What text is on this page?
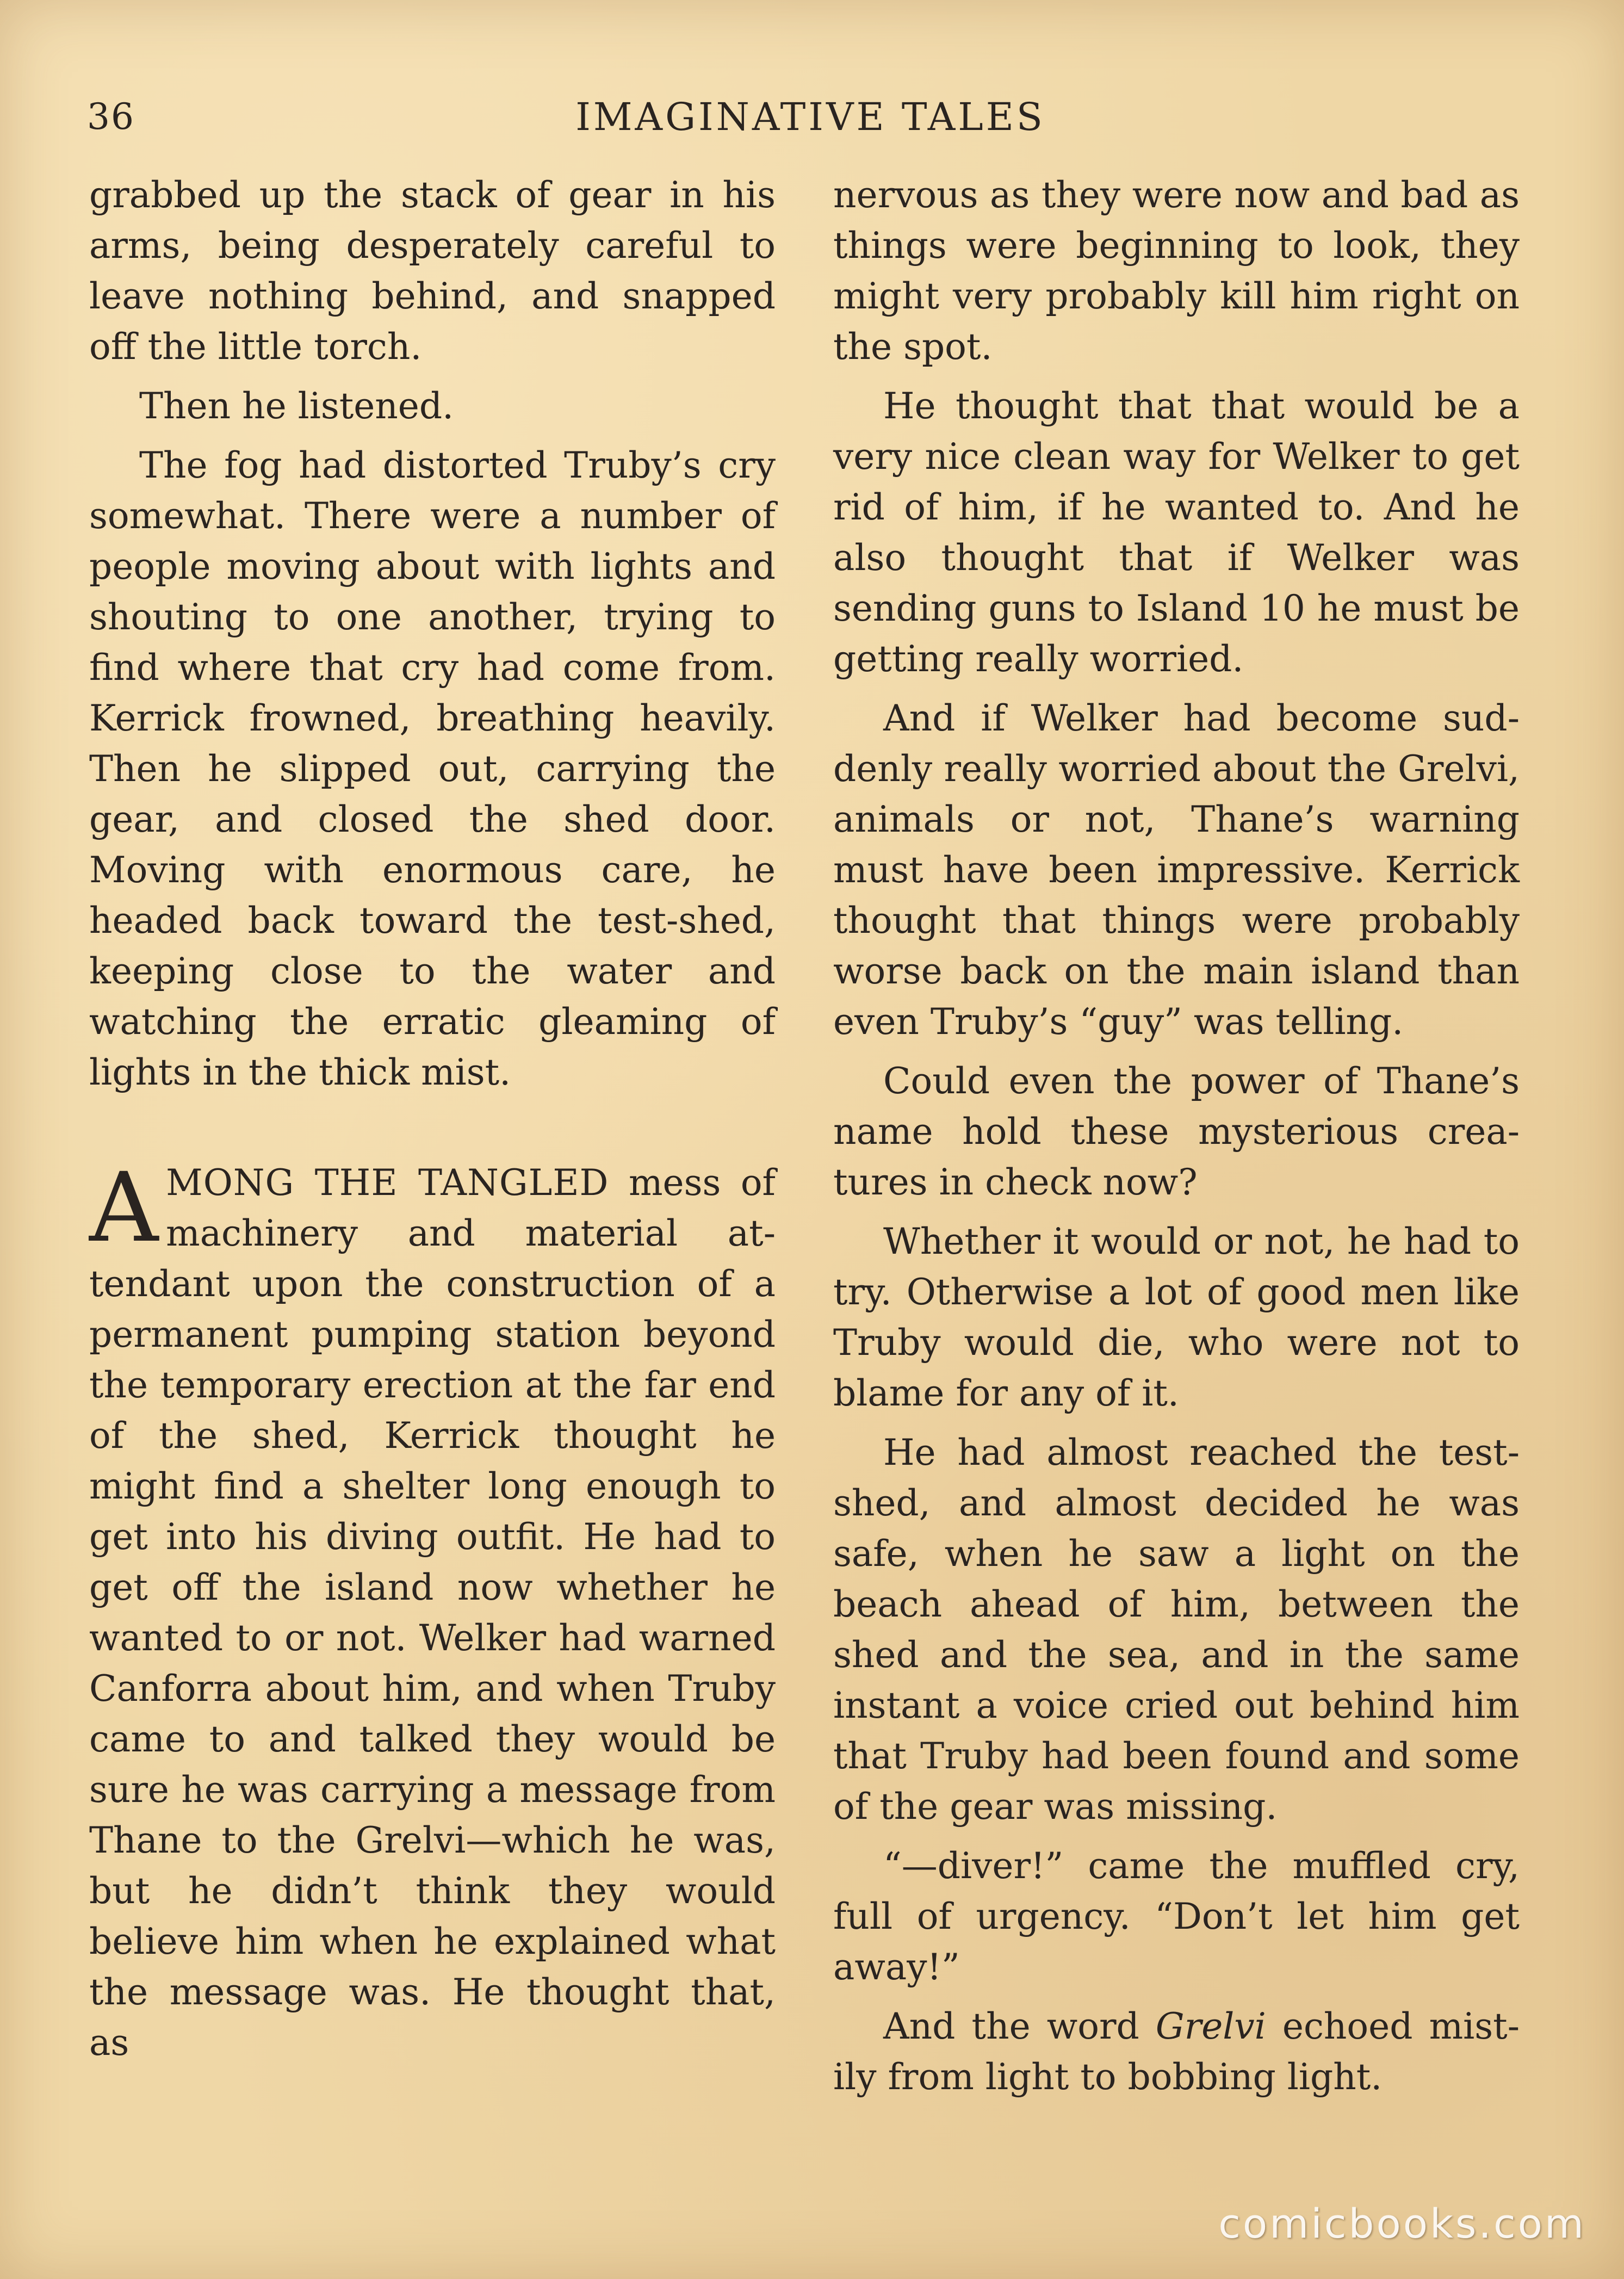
36	IMAGINATIVE TALES

grabbed up the stack of gear in his arms, being desperately careful to leave nothing behind, and snapped off the little torch.

Then he listened.

The fog had distorted Truby’s cry somewhat. There were a number of people moving about with lights and shouting to one another, trying to find where that cry had come from. Kerrick frowned, breathing heavily. Then he slipped out, carrying the gear, and closed the shed door. Moving with enormous care, he headed back toward the test-shed, keeping close to the water and watching the erratic gleaming of lights in the thick mist.

AMONG THE TANGLED mess of machinery and material attendant upon the construction of a permanent pumping station beyond the temporary erection at the far end of the shed, Kerrick thought he might find a shelter long enough to get into his diving outfit. He had to get off the island now whether he wanted to or not. Welker had warned Canforra about him, and when Truby came to and talked they would be sure he was carrying a message from Thane to the Grelvi—which he was, but he didn’t think they would believe him when he explained what the message was. He thought that, as

nervous as they were now and bad as things were beginning to look, they might very probably kill him right on the spot.

He thought that that would be a very nice clean way for Welker to get rid of him, if he wanted to. And he also thought that if Welker was sending guns to Island 10 he must be getting really worried.

And if Welker had become suddenly really worried about the Grelvi, animals or not, Thane’s warning must have been impressive. Kerrick thought that things were probably worse back on the main island than even Truby’s “guy” was telling.

Could even the power of Thane’s name hold these mysterious creatures in check now?

Whether it would or not, he had to try. Otherwise a lot of good men like Truby would die, who were not to blame for any of it.

He had almost reached the test-shed, and almost decided he was safe, when he saw a light on the beach ahead of him, between the shed and the sea, and in the same instant a voice cried out behind him that Truby had been found and some of the gear was missing.

“—diver!” came the muffled cry, full of urgency. “Don’t let him get away!”

And the word Grelvi echoed mistily from light to bobbing light.

comicbooks.com
